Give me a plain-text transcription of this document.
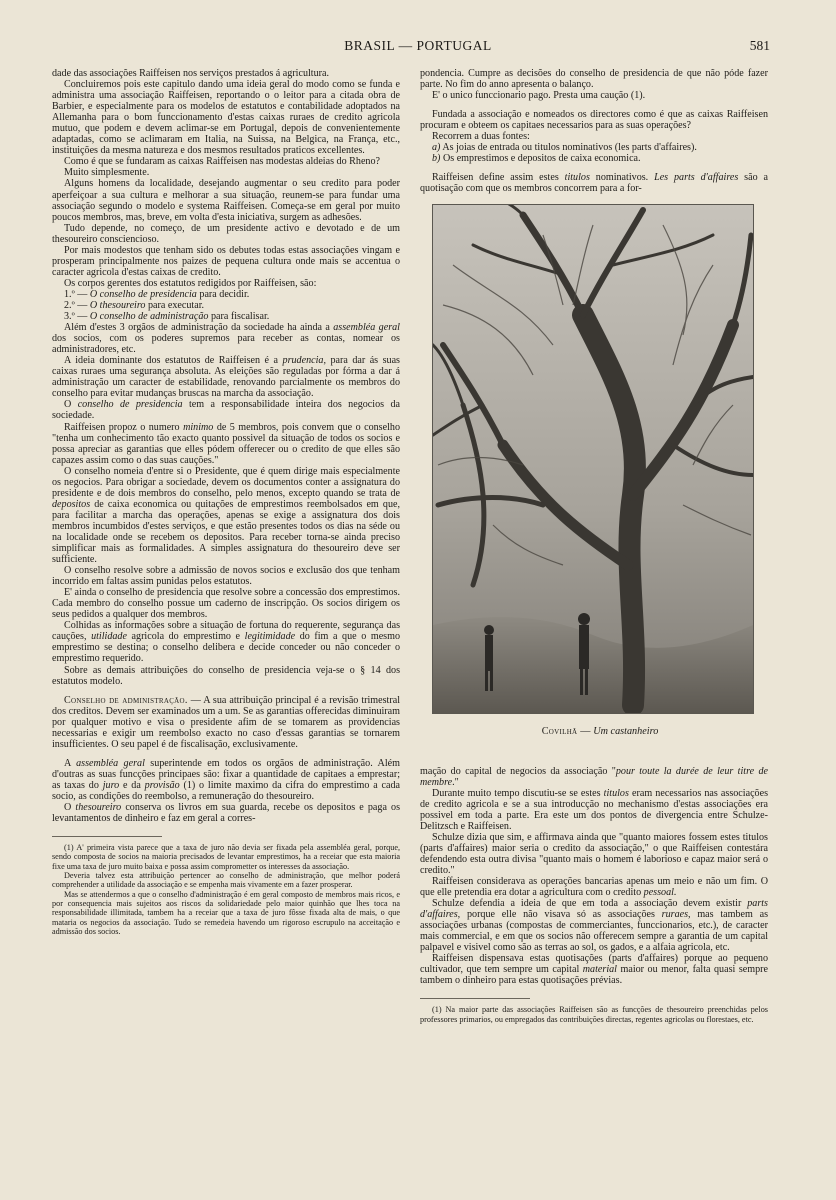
BRASIL — PORTUGAL	581

dade das associações Raiffeisen nos serviços prestados á agricultura.

Concluiremos pois este capitulo dando uma ideia geral do modo como se funda e administra uma associação Raiffeisen, reportando o o leitor para a citada obra de Barbier, e especialmente para os modelos de estatutos e contabilidade adoptados na Allemanha para o bom funccionamento d'estas caixas ruraes de credito agricola mutuo, que podem e devem aclimar-se em Portugal, depois de convenientemente adaptadas, como se aclimaram em Italia, na Suissa, na Belgica, na França, etc., instituições da mesma natureza e dos mesmos resultados praticos excellentes.

Como é que se fundaram as caixas Raiffeisen nas modestas aldeias do Rheno?

Muito simplesmente.

Alguns homens da localidade, desejando augmentar o seu credito para poder aperfeiçoar a sua cultura e melhorar a sua situação, reunem-se para fundar uma associação segundo o modelo e systema Raiffeisen. Começa-se em geral por muito poucos membros, mas, breve, em volta d'esta iniciativa, surgem as adhesões.

Tudo depende, no começo, de um presidente activo e devotado e de um thesoureiro consciencioso.

Por mais modestos que tenham sido os debutes todas estas associações vingam e prosperam principalmente nos paizes de pequena cultura onde mais se accentua o caracter agricola d'estas caixas de credito.

Os corpos gerentes dos estatutos redigidos por Raiffeisen, são:

1.º — O conselho de presidencia para decidir.

2.º — O thesoureiro para executar.

3.º — O conselho de administração para fiscalisar.

Além d'estes 3 orgãos de administração da sociedade ha ainda a assembléa geral dos socios, com os poderes supremos para receber as contas, nomear os administradores, etc.

A ideia dominante dos estatutos de Raiffeisen é a prudencia, para dar ás suas caixas ruraes uma segurança absoluta. As eleições são reguladas por fórma a dar á administração um caracter de estabilidade, renovando parcialmente os membros do conselho para evitar mudanças bruscas na marcha da associação.

O conselho de presidencia tem a responsabilidade inteira dos negocios da sociedade.

Raiffeisen propoz o numero minimo de 5 membros, pois convem que o conselho "tenha um conhecimento tão exacto quanto possivel da situação de todos os socios e possa apreciar as garantias que elles pódem offerecer ou o credito de que elles são capazes assim como o das suas cauções."

O conselho nomeia d'entre si o Presidente, que é quem dirige mais especialmente os negocios. Para obrigar a sociedade, devem os documentos conter a assignatura do presidente e de dois membros do conselho, pelo menos, excepto quando se trata de depositos de caixa economica ou quitações de emprestimos reembolsados em que, para facilitar a marcha das operações, apenas se exige a assignatura dos dois membros incumbidos d'estes serviços, e que estão presentes todos os dias na séde ou na localidade onde se recebem os depositos. Para receber torna-se ainda preciso simplificar mais as formalidades. A simples assignatura do thesoureiro deve ser sufficiente.

O conselho resolve sobre a admissão de novos socios e exclusão dos que tenham incorrido em faltas assim punidas pelos estatutos.

E' ainda o conselho de presidencia que resolve sobre a concessão dos emprestimos. Cada membro do conselho possue um caderno de inscripção. Os socios dirigem os seus pedidos a qualquer dos membros.

Colhidas as informações sobre a situação de fortuna do requerente, segurança das cauções, utilidade agricola do emprestimo e legitimidade do fim a que o mesmo emprestimo se destina; o conselho delibera e decide conceder ou não conceder o emprestimo requerido.

Sobre as demais attribuições do conselho de presidencia veja-se o § 14 dos estatutos modelo.

Conselho de administração. — A sua attribuição principal é a revisão trimestral dos creditos. Devem ser examinados um a um. Se as garantias offerecidas diminuiram por qualquer motivo e visa o presidente afim de se tomarem as providencias necessarias e exigir um reembolso exacto no caso d'essas garantias se tornarem insufficientes. O seu papel é de fiscalisação, exclusivamente.

A assembléa geral superintende em todos os orgãos de administração. Além d'outras as suas funcções principaes são: fixar a quantidade de capitaes a emprestar; as taxas do juro e da provisão (1) o limite maximo da cifra do emprestimo a cada socio, as condições do reembolso, a remuneração do thesoureiro.

O thesoureiro conserva os livros em sua guarda, recebe os depositos e paga os levantamentos de dinheiro e faz em geral a corres-

(1) A' primeira vista parece que a taxa de juro não devia ser fixada pela assembléa geral, porque, sendo composta de socios na maioria precisados de levantar emprestimos, ha a receiar que esta maioria fixe uma taxa de juro muito baixa e possa assim comprometter os interesses da associação.

Deveria talvez esta attribuição pertencer ao conselho de administração, que melhor poderá comprehender a utilidade da associação e se empenha mais vivamente em a fazer prosperar.

Mas se attendermos a que o conselho d'administração é em geral composto de membros mais ricos, e por consequencia mais sujeitos aos riscos da solidariedade pelo maior quinhão que lhes toca na responsabilidade illimitada, tambem ha a receiar que a taxa de juro fôsse fixada alta de mais, o que mataria os negocios da associação. Tudo se remedeia havendo um rigoroso escrupulo na acceitação e admissão dos socios.

pondencia. Cumpre as decisões do conselho de presidencia de que não póde fazer parte. No fim do anno apresenta o balanço.

E' o unico funccionario pago. Presta uma caução (1).

Fundada a associação e nomeados os directores como é que as caixas Raiffeisen procuram e obteem os capitaes necessarios para as suas operações?

Recorrem a duas fontes:

a) As joias de entrada ou titulos nominativos (les parts d'affaires).

b) Os emprestimos e depositos de caixa economica.

Raiffeisen define assim estes titulos nominativos. Les parts d'affaires são a quotisação com que os membros concorrem para a for-

Covilhã — Um castanheiro

mação do capital de negocios da associação "pour toute la durée de leur titre de membre."

Durante muito tempo discutiu-se se estes titulos eram necessarios nas associações de credito agricola e se a sua introducção no mechanismo d'estas associações era possivel em toda a parte. Era este um dos pontos de divergencia entre Schulze-Delitzsch e Raiffeisen.

Schulze dizia que sim, e affirmava ainda que "quanto maiores fossem estes titulos (parts d'affaires) maior seria o credito da associação," o que Raiffeisen contestára defendendo esta outra divisa "quanto mais o homem é laborioso e capaz maior será o credito."

Raiffeisen considerava as operações bancarias apenas um meio e não um fim. O que elle pretendia era dotar a agricultura com o credito pessoal.

Schulze defendia a ideia de que em toda a associação devem existir parts d'affaires, porque elle não visava só as associações ruraes, mas tambem as associações urbanas (compostas de commerciantes, funccionarios, etc.), de caracter mais commercial, e em que os socios não offerecem sempre a garantia de um capital palpavel e visivel como são as terras ao sol, os gados, e a alfaia agricola, etc.

Raiffeisen dispensava estas quotisações (parts d'affaires) porque ao pequeno cultivador, que tem sempre um capital material maior ou menor, falta quasi sempre tambem o dinheiro para estas quotisações prévias.

(1) Na maior parte das associações Raiffeisen são as funcções de thesoureiro preenchidas pelos professores primarios, ou empregados das contribuições directas, regentes agricolas ou florestaes, etc.
